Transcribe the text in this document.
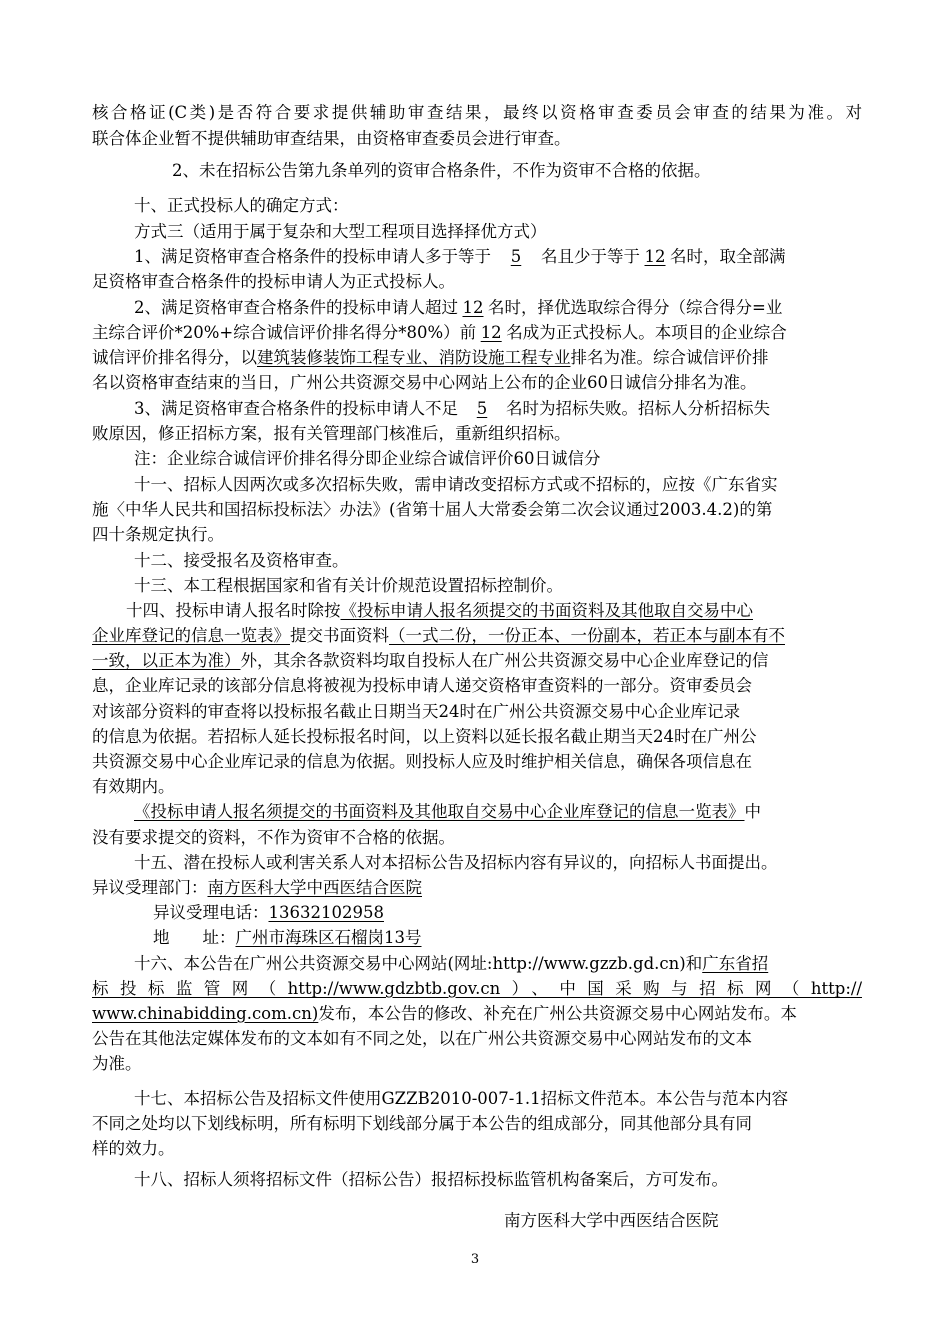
核合格证(C类)是否符合要求提供辅助审查结果，最终以资格审查委员会审查的结果为准。对
联合体企业暂不提供辅助审查结果，由资格审查委员会进行审查。
2、未在招标公告第九条单列的资审合格条件，不作为资审不合格的依据。
十、正式投标人的确定方式：
方式三（适用于属于复杂和大型工程项目选择择优方式）
1、满足资格审查合格条件的投标申请人多于等于 5 名且少于等于 12 名时，取全部满
足资格审查合格条件的投标申请人为正式投标人。
2、满足资格审查合格条件的投标申请人超过 12 名时，择优选取综合得分（综合得分=业
主综合评价*20%+综合诚信评价排名得分*80%）前 12 名成为正式投标人。本项目的企业综合
诚信评价排名得分，以建筑装修装饰工程专业、消防设施工程专业排名为准。综合诚信评价排
名以资格审查结束的当日，广州公共资源交易中心网站上公布的企业60日诚信分排名为准。
3、满足资格审查合格条件的投标申请人不足 5 名时为招标失败。招标人分析招标失
败原因，修正招标方案，报有关管理部门核准后，重新组织招标。
注：企业综合诚信评价排名得分即企业综合诚信评价60日诚信分
十一、招标人因两次或多次招标失败，需申请改变招标方式或不招标的，应按《广东省实
施〈中华人民共和国招标投标法〉办法》(省第十届人大常委会第二次会议通过2003.4.2)的第
四十条规定执行。
十二、接受报名及资格审查。
十三、本工程根据国家和省有关计价规范设置招标控制价。
十四、投标申请人报名时除按《投标申请人报名须提交的书面资料及其他取自交易中心
企业库登记的信息一览表》提交书面资料（一式二份，一份正本、一份副本，若正本与副本有不
一致，以正本为准）外，其余各款资料均取自投标人在广州公共资源交易中心企业库登记的信
息，企业库记录的该部分信息将被视为投标申请人递交资格审查资料的一部分。资审委员会
对该部分资料的审查将以投标报名截止日期当天24时在广州公共资源交易中心企业库记录
的信息为依据。若招标人延长投标报名时间，以上资料以延长报名截止期当天24时在广州公
共资源交易中心企业库记录的信息为依据。则投标人应及时维护相关信息，确保各项信息在
有效期内。
《投标申请人报名须提交的书面资料及其他取自交易中心企业库登记的信息一览表》中
没有要求提交的资料，不作为资审不合格的依据。
十五、潜在投标人或利害关系人对本招标公告及招标内容有异议的，向招标人书面提出。
异议受理部门：南方医科大学中西医结合医院
异议受理电话：13632102958
地　　址：广州市海珠区石榴岗13号
十六、本公告在广州公共资源交易中心网站(网址:http://www.gzzb.gd.cn)和广东省招
标投标监管网（http://www.gdzbtb.gov.cn）、中国采购与招标网（http://
www.chinabidding.com.cn)发布，本公告的修改、补充在广州公共资源交易中心网站发布。本
公告在其他法定媒体发布的文本如有不同之处，以在广州公共资源交易中心网站发布的文本
为准。
十七、本招标公告及招标文件使用GZZB2010-007-1.1招标文件范本。本公告与范本内容
不同之处均以下划线标明，所有标明下划线部分属于本公告的组成部分，同其他部分具有同
样的效力。
十八、招标人须将招标文件（招标公告）报招标投标监管机构备案后，方可发布。
南方医科大学中西医结合医院
3
